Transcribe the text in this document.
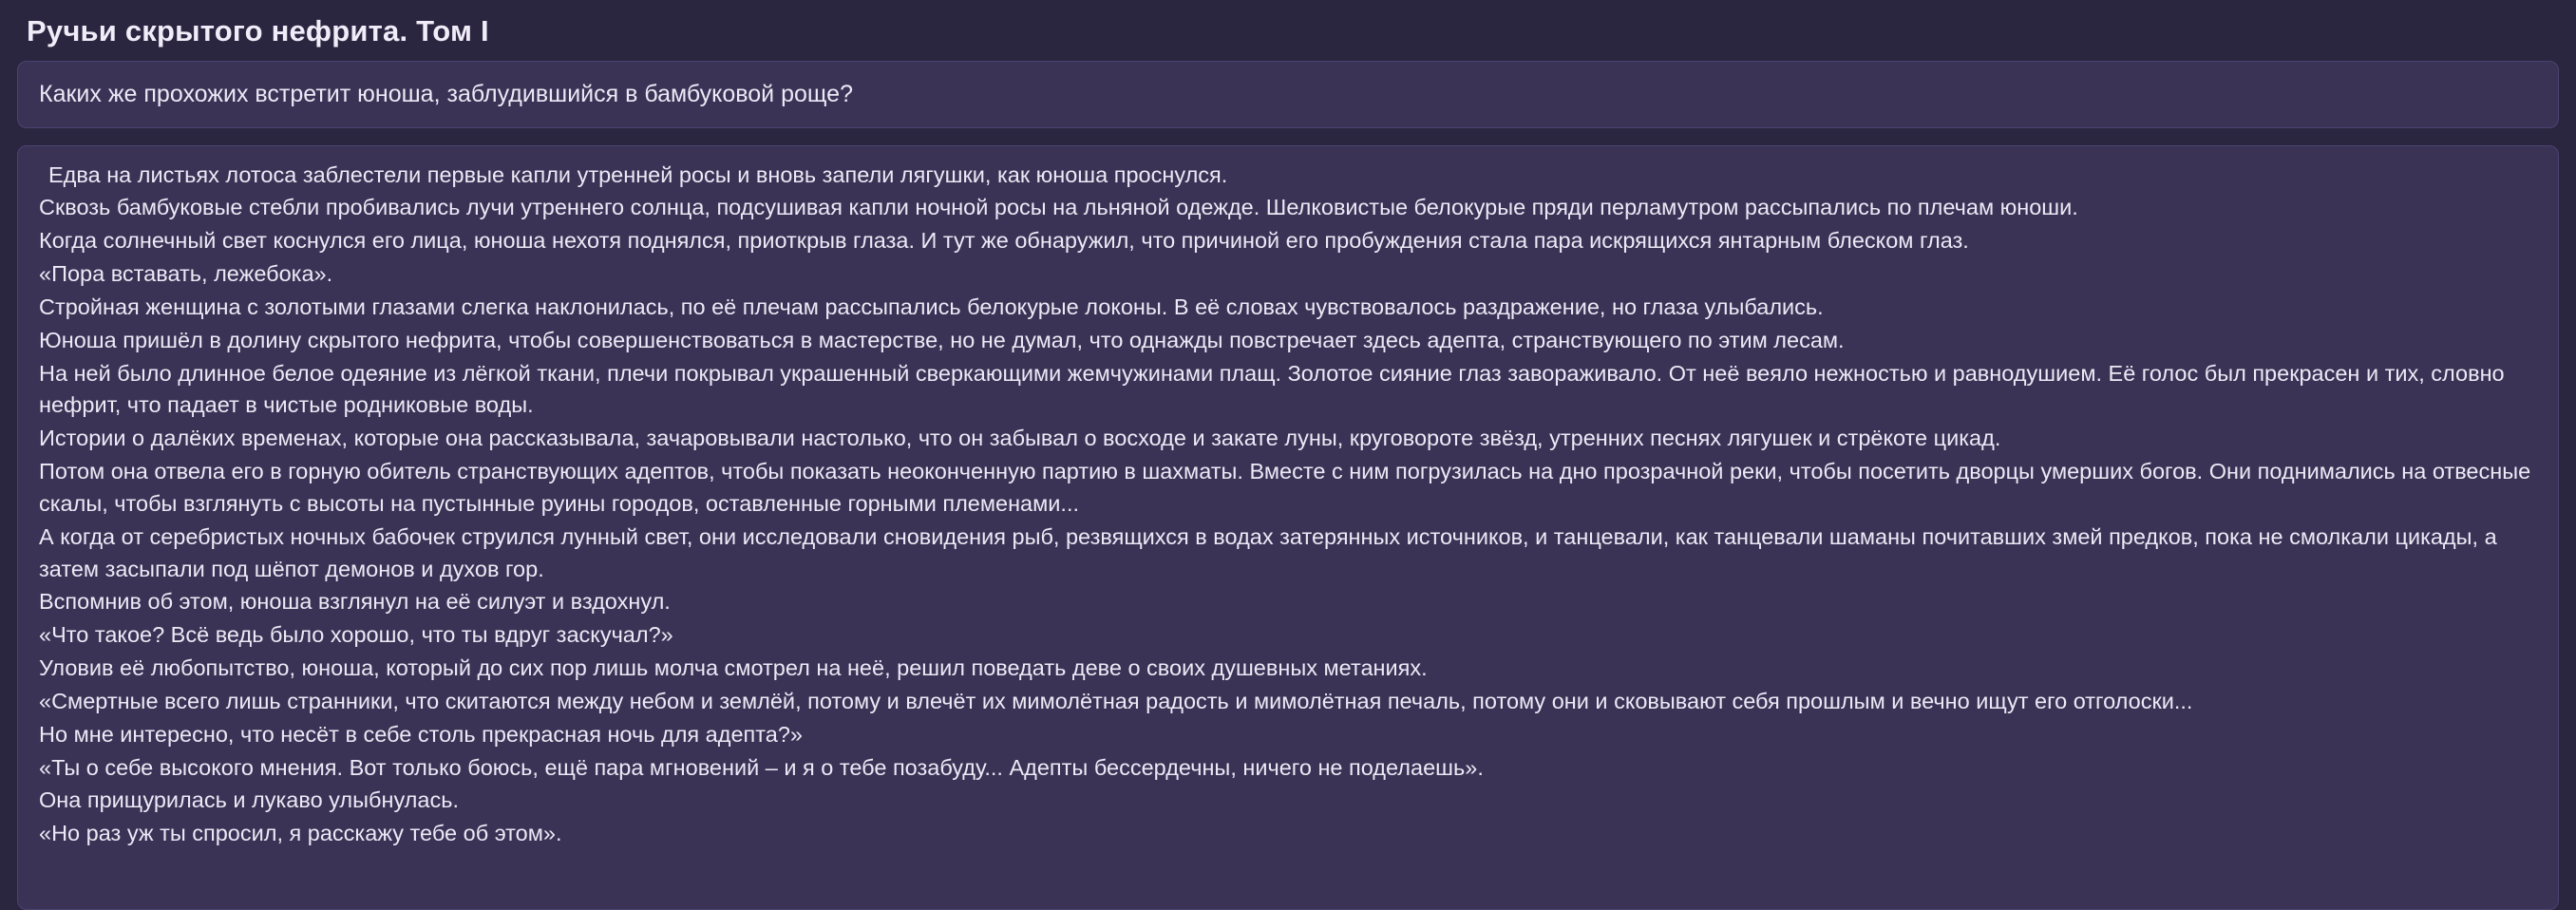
Ручьи скрытого нефрита. Том I
Каких же прохожих встретит юноша, заблудившийся в бамбуковой роще?

Едва на листьях лотоса заблестели первые капли утренней росы и вновь запели лягушки, как юноша проснулся.

Сквозь бамбуковые стебли пробивались лучи утреннего солнца, подсушивая капли ночной росы на льняной одежде. Шелковистые белокурые пряди перламутром рассыпались по плечам юноши.

Когда солнечный свет коснулся его лица, юноша нехотя поднялся, приоткрыв глаза. И тут же обнаружил, что причиной его пробуждения стала пара искрящихся янтарным блеском глаз.

«Пора вставать, лежебока».

Стройная женщина с золотыми глазами слегка наклонилась, по её плечам рассыпались белокурые локоны. В её словах чувствовалось раздражение, но глаза улыбались.

Юноша пришёл в долину скрытого нефрита, чтобы совершенствоваться в мастерстве, но не думал, что однажды повстречает здесь адепта, странствующего по этим лесам.

На ней было длинное белое одеяние из лёгкой ткани, плечи покрывал украшенный сверкающими жемчужинами плащ. Золотое сияние глаз завораживало. От неё веяло нежностью и равнодушием. Её голос был прекрасен и тих, словно нефрит, что падает в чистые родниковые воды.

Истории о далёких временах, которые она рассказывала, зачаровывали настолько, что он забывал о восходе и закате луны, круговороте звёзд, утренних песнях лягушек и стрёкоте цикад.

Потом она отвела его в горную обитель странствующих адептов, чтобы показать неоконченную партию в шахматы. Вместе с ним погрузилась на дно прозрачной реки, чтобы посетить дворцы умерших богов. Они поднимались на отвесные скалы, чтобы взглянуть с высоты на пустынные руины городов, оставленные горными племенами...

А когда от серебристых ночных бабочек струился лунный свет, они исследовали сновидения рыб, резвящихся в водах затерянных источников, и танцевали, как танцевали шаманы почитавших змей предков, пока не смолкали цикады, а затем засыпали под шёпот демонов и духов гор.

Вспомнив об этом, юноша взглянул на её силуэт и вздохнул.

«Что такое? Всё ведь было хорошо, что ты вдруг заскучал?»

Уловив её любопытство, юноша, который до сих пор лишь молча смотрел на неё, решил поведать деве о своих душевных метаниях.

«Смертные всего лишь странники, что скитаются между небом и землёй, потому и влечёт их мимолётная радость и мимолётная печаль, потому они и сковывают себя прошлым и вечно ищут его отголоски...

Но мне интересно, что несёт в себе столь прекрасная ночь для адепта?»

«Ты о себе высокого мнения. Вот только боюсь, ещё пара мгновений – и я о тебе позабуду... Адепты бессердечны, ничего не поделаешь».

Она прищурилась и лукаво улыбнулась.

«Но раз уж ты спросил, я расскажу тебе об этом».
